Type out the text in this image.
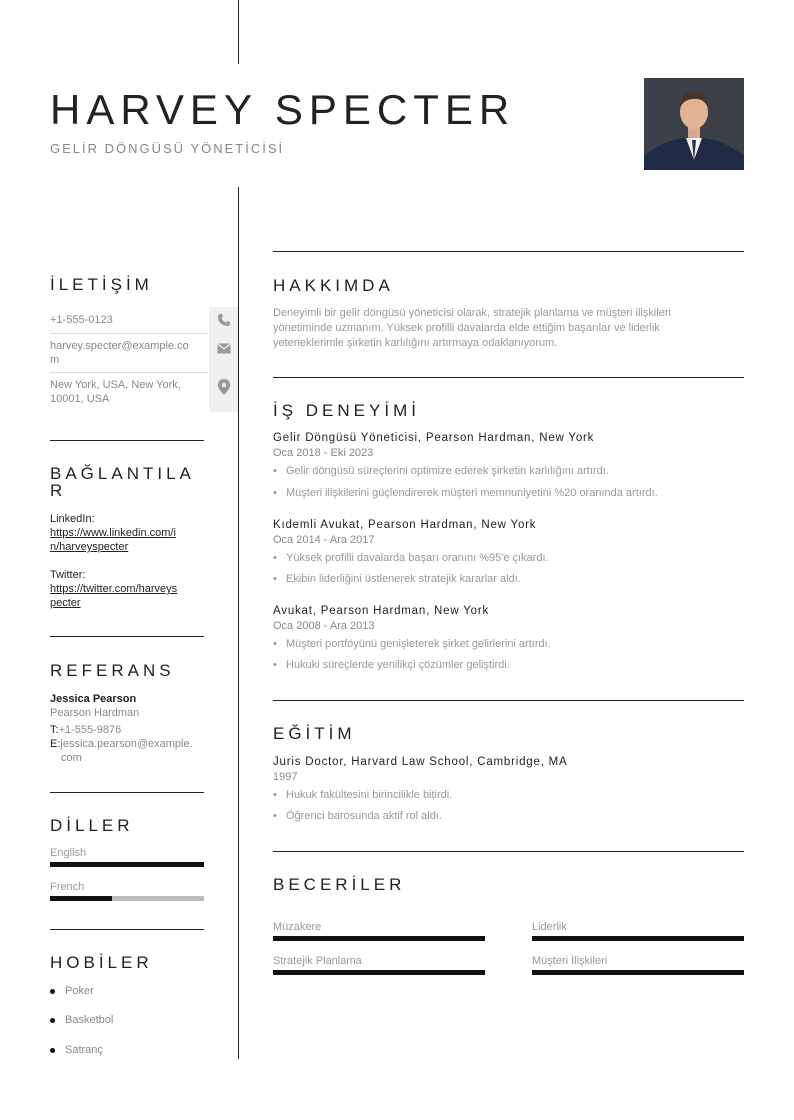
HARVEY SPECTER
GELİR DÖNGÜSÜ YÖNETİCİSİ
İLETİŞİM
+1-555-0123
harvey.specter@example.co
m
New York, USA, New York,
10001, USA
BAĞLANTILA
R
LinkedIn:
https://www.linkedin.com/i
n/harveyspecter
Twitter:
https://twitter.com/harveys
pecter
REFERANS
Jessica Pearson
Pearson Hardman
T:+1-555-9876
E:jessica.pearson@example.
com
DİLLER
English
French
HOBİLER
Poker
Basketbol
Satranç
HAKKIMDA
Deneyimli bir gelir döngüsü yöneticisi olarak, stratejik planlama ve müşteri ilişkileri
yönetiminde uzmanım. Yüksek profilli davalarda elde ettiğim başarılar ve liderlik
yeteneklerimle şirketin karlılığını artırmaya odaklanıyorum.
İŞ DENEYİMİ
Gelir Döngüsü Yöneticisi, Pearson Hardman, New York
Oca 2018 - Eki 2023
• Gelir döngüsü süreçlerini optimize ederek şirketin karlılığını artırdı.
• Müşteri ilişkilerini güçlendirerek müşteri memnuniyetini %20 oranında artırdı.
Kıdemli Avukat, Pearson Hardman, New York
Oca 2014 - Ara 2017
• Yüksek profilli davalarda başarı oranını %95'e çıkardı.
• Ekibin liderliğini üstlenerek stratejik kararlar aldı.
Avukat, Pearson Hardman, New York
Oca 2008 - Ara 2013
• Müşteri portföyünü genişleterek şirket gelirlerini artırdı.
• Hukuki süreçlerde yenilikçi çözümler geliştirdi.
EĞİTİM
Juris Doctor, Harvard Law School, Cambridge, MA
1997
• Hukuk fakültesini birincilikle bitirdi.
• Öğrenci barosunda aktif rol aldı.
BECERİLER
Müzakere	Liderlik
Stratejik Planlama	Müşteri İlişkileri
